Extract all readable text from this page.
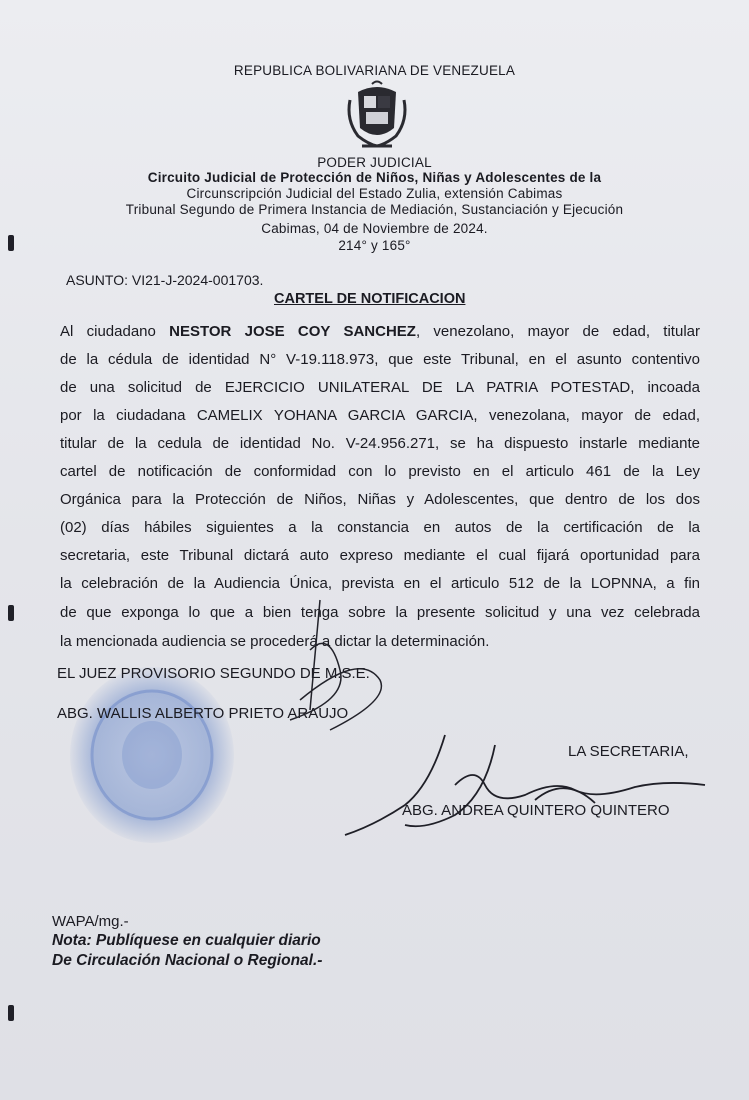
REPUBLICA BOLIVARIANA DE VENEZUELA
PODER JUDICIAL
Circuito Judicial de Protección de Niños, Niñas y Adolescentes de la
Circunscripción Judicial del Estado Zulia, extensión Cabimas
Tribunal Segundo de Primera Instancia de Mediación, Sustanciación y Ejecución
Cabimas, 04 de Noviembre de 2024.
214° y 165°
ASUNTO: VI21-J-2024-001703.
CARTEL DE NOTIFICACION
Al ciudadano NESTOR JOSE COY SANCHEZ, venezolano, mayor de edad, titular
de la cédula de identidad N° V-19.118.973, que este Tribunal, en el asunto contentivo
de una solicitud de EJERCICIO UNILATERAL DE LA PATRIA POTESTAD, incoada
por la ciudadana CAMELIX YOHANA GARCIA GARCIA, venezolana, mayor de edad,
titular de la cedula de identidad No. V-24.956.271, se ha dispuesto instarle mediante
cartel de notificación de conformidad con lo previsto en el articulo 461 de la Ley
Orgánica para la Protección de Niños, Niñas y Adolescentes, que dentro de los dos
(02) días hábiles siguientes a la constancia en autos de la certificación de la
secretaria, este Tribunal dictará auto expreso mediante el cual fijará oportunidad para
la celebración de la Audiencia Única, prevista en el articulo 512 de la LOPNNA, a fin
de que exponga lo que a bien tenga sobre la presente solicitud y una vez celebrada
la mencionada audiencia se procederá a dictar la determinación.
EL JUEZ PROVISORIO SEGUNDO DE M.S.E.
ABG. WALLIS ALBERTO PRIETO ARAUJO
LA SECRETARIA,
ABG. ANDREA QUINTERO QUINTERO
WAPA/mg.-
Nota: Publíquese en cualquier diario
De Circulación Nacional o Regional.-
